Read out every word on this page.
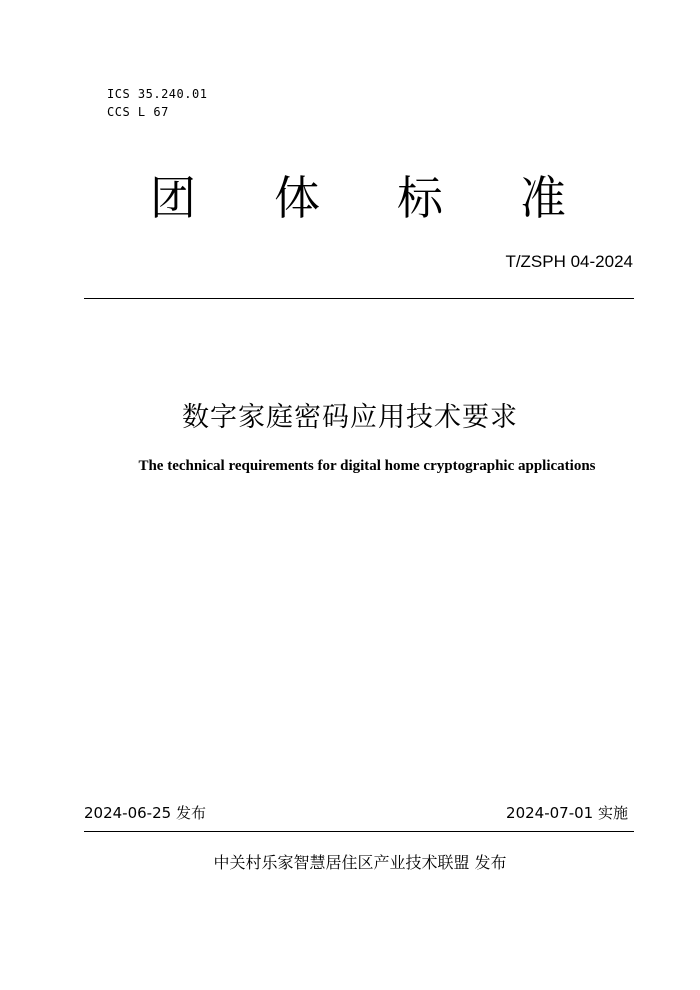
ICS 35.240.01
CCS L 67
团 体 标 准
T/ZSPH 04-2024
数字家庭密码应用技术要求
The technical requirements for digital home cryptographic applications
2024-06-25 发布	2024-07-01 实施
中关村乐家智慧居住区产业技术联盟 发布
